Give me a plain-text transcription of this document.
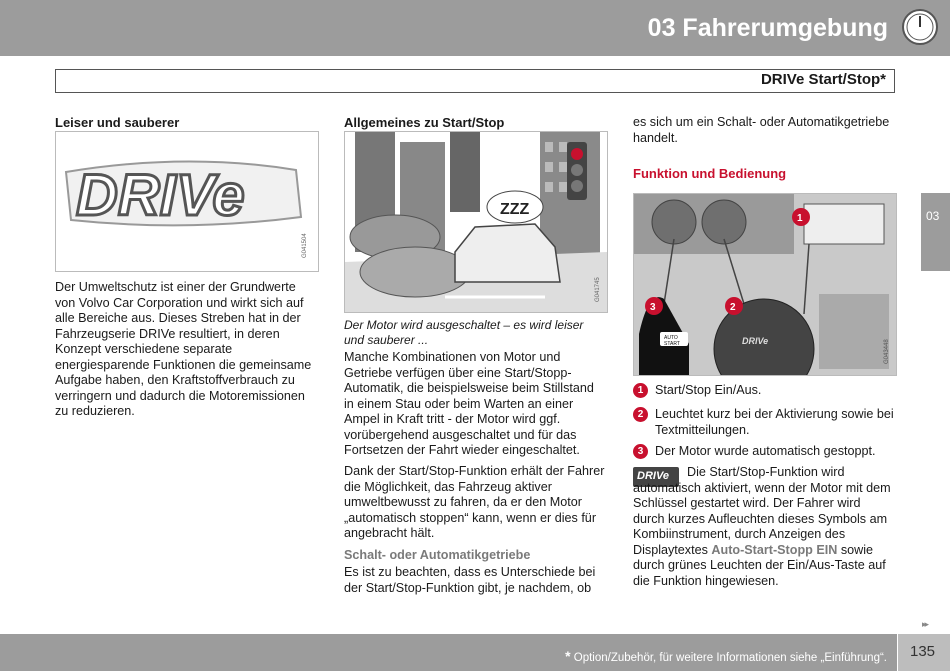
03 Fahrerumgebung
DRIVe Start/Stop*
03
Leiser und sauberer
DRIVe
G041504
Der Umweltschutz ist einer der Grundwerte von Volvo Car Corporation und wirkt sich auf alle Bereiche aus. Dieses Streben hat in der Fahrzeugserie DRIVe resultiert, in deren Konzept verschiedene separate energiesparende Funktionen die gemeinsame Aufgabe haben, den Kraftstoffverbrauch zu verringern und dadurch die Motoremissionen zu reduzieren.
Allgemeines zu Start/Stop
ZZZ
G041745
Der Motor wird ausgeschaltet – es wird leiser und sauberer ...
Manche Kombinationen von Motor und Getriebe verfügen über eine Start/Stopp-Automatik, die beispielsweise beim Stillstand in einem Stau oder beim Warten an einer Ampel in Kraft tritt - der Motor wird ggf. vorübergehend ausgeschaltet und für das Fortsetzen der Fahrt wieder eingeschaltet.
Dank der Start/Stop-Funktion erhält der Fahrer die Möglichkeit, das Fahrzeug aktiver umweltbewusst zu fahren, da er den Motor „automatisch stoppen“ kann, wenn er dies für angebracht hält.
Schalt- oder Automatikgetriebe
Es ist zu beachten, dass es Unterschiede bei der Start/Stop-Funktion gibt, je nachdem, ob
es sich um ein Schalt- oder Automatikgetriebe handelt.
Funktion und Bedienung
1
3
AUTO
START
2
DRIVe	G043448
1 Start/Stop Ein/Aus.
2 Leuchtet kurz bei der Aktivierung sowie bei Textmitteilungen.
3 Der Motor wurde automatisch gestoppt.
DRIVe	Die Start/Stop-Funktion wird automatisch aktiviert, wenn der Motor mit dem Schlüssel gestartet wird. Der Fahrer wird durch kurzes Aufleuchten dieses Symbols am Kombiinstrument, durch Anzeigen des Displaytextes Auto-Start-Stopp EIN sowie durch grünes Leuchten der Ein/Aus-Taste auf die Funktion hingewiesen.
▸▸
* Option/Zubehör, für weitere Informationen siehe „Einführung“. 135
